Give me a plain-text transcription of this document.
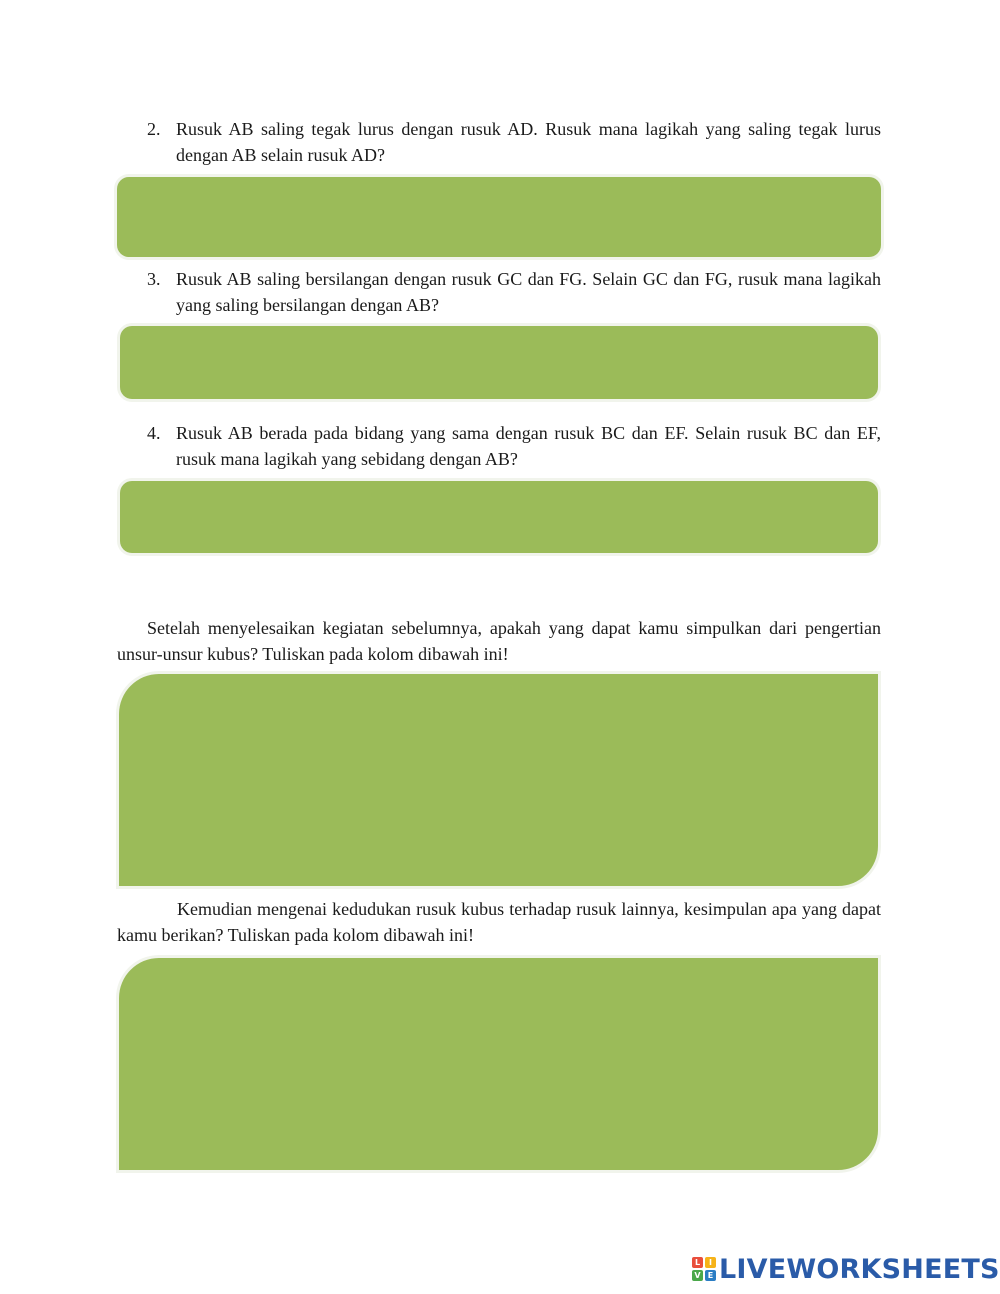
2. Rusuk AB saling tegak lurus dengan rusuk AD. Rusuk mana lagikah yang saling tegak lurus dengan AB selain rusuk AD?
3. Rusuk AB saling bersilangan dengan rusuk GC dan FG. Selain GC dan FG, rusuk mana lagikah yang saling bersilangan dengan AB?
4. Rusuk AB berada pada bidang yang sama dengan rusuk BC dan EF. Selain rusuk BC dan EF, rusuk mana lagikah yang sebidang dengan AB?
Setelah menyelesaikan kegiatan sebelumnya, apakah yang dapat kamu simpulkan dari pengertian unsur-unsur kubus? Tuliskan pada kolom dibawah ini!
Kemudian mengenai kedudukan rusuk kubus terhadap rusuk lainnya, kesimpulan apa yang dapat kamu berikan? Tuliskan pada kolom dibawah ini!
L	I
V E LIVEWORKSHEETS
